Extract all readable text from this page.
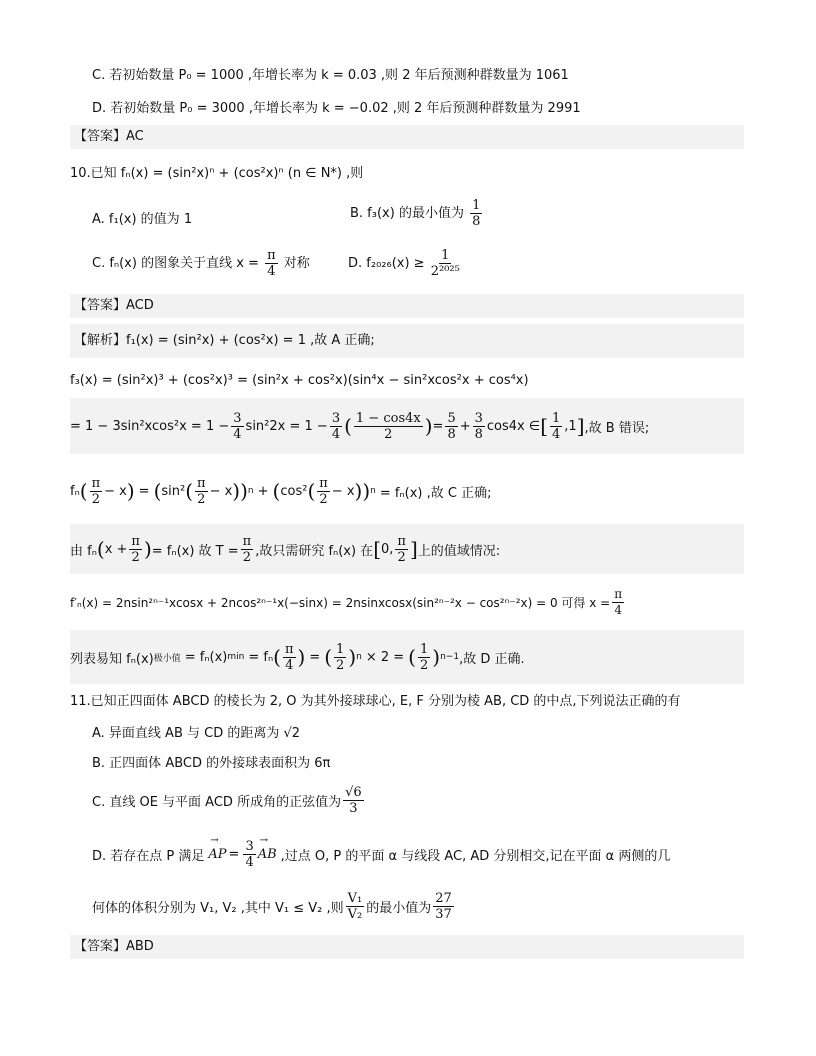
C. 若初始数量 P₀ = 1000 ,年增长率为 k = 0.03 ,则 2 年后预测种群数量为 1061
D. 若初始数量 P₀ = 3000 ,年增长率为 k = −0.02 ,则 2 年后预测种群数量为 2991
【答案】AC
10.已知 fₙ(x) = (sin²x)ⁿ + (cos²x)ⁿ (n ∈ N*) ,则
A. f₁(x) 的值为 1	B. f₃(x) 的最小值为 $\frac{1}{8}$
C. fₙ(x) 的图象关于直线 $x = \frac{\pi}{4}$ 对称	D. $f_{2026}(x) \ge \frac{1}{\text{2²⁰²⁵}}$
【答案】ACD
【解析】f₁(x) = (sin²x) + (cos²x) = 1 ,故 A 正确;
f₃(x) = (sin²x)³ + (cos²x)³ = (sin²x + cos²x)(sin⁴x − sin²xcos²x + cos⁴x)
= $1 - 3\sin^2xcos^2x = 1 - \frac{3}{4} \sin^22x = 1 - \frac{3}{4}$ ( $\frac{1 - \cos 4x}{2}$ ) = $\frac{5}{8} + \frac{3}{8} \cos 4x$ ∈ [ $\frac{1}{4} ,1$ ] ,故 B 错误;
fₙ ( $\frac{\pi}{2} - x$ ) = ( sin² ( $\frac{\pi}{2} - x$ )) n + ( cos² ( $\frac{\pi}{2} - x$ )) n = fₙ(x) ,故 C 正确;
由 fₙ ( $x + \frac{\pi}{2}$ ) = fₙ(x) 故 $T = \frac{\pi}{2}$ ,故只需研究 fₙ(x) 在 [ 0, $\frac{\pi}{2}$ ] 上的值域情况:
f′ₙ(x) = 2nsin²ⁿ⁻¹xcosx + 2ncos²ⁿ⁻¹x(−sinx) = 2nsinxcosx(sin²ⁿ⁻²x − cos²ⁿ⁻²x) = 0 可得 $x = \frac{\pi}{4}$
列表易知 fₙ(x) 极小值 = fₙ(x) min = fₙ ( $\frac{\pi}{4}$ ) = ( $\frac{1}{2}$ ) n × 2 = ( $\frac{1}{2}$ ) n−1 ,故 D 正确.
11.已知正四面体 ABCD 的棱长为 2, O 为其外接球球心, E, F 分别为棱 AB, CD 的中点,下列说法正确的有
A. 异面直线 AB 与 CD 的距离为 √2
B. 正四面体 ABCD 的外接球表面积为 6π
C. 直线 OE 与平面 ACD 所成角的正弦值为 $\frac{√6}{3}$
D. 若存在点 P 满足 → AP = $\frac{3}{4}$ → AB ,过点 O, P 的平面 α 与线段 AC, AD 分别相交,记在平面 α 两侧的几
何体的体积分别为 V₁, V₂ ,其中 V₁ ≤ V₂ ,则 $\frac{\text{V₁}}{\text{V₂}}$ 的最小值为 $\frac{27}{37}$
【答案】ABD
